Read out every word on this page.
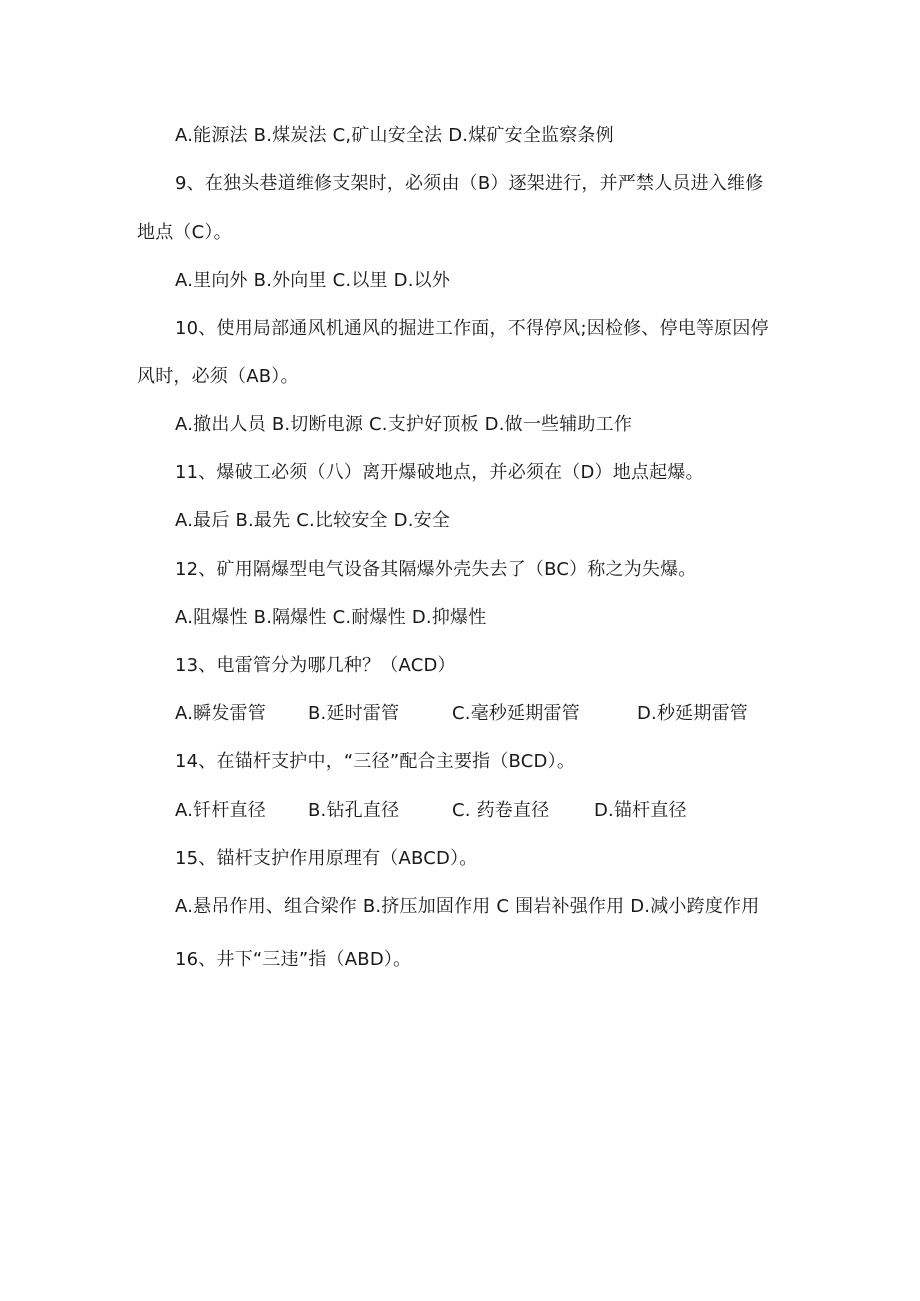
A.能源法 B.煤炭法 C,矿山安全法 D.煤矿安全监察条例
9、在独头巷道维修支架时，必须由（B）逐架进行，并严禁人员进入维修
地点（C）。
A.里向外 B.外向里 C.以里 D.以外
10、使用局部通风机通风的掘进工作面，不得停风;因检修、停电等原因停
风时，必须（AB）。
A.撤出人员 B.切断电源 C.支护好顶板 D.做一些辅助工作
11、爆破工必须（八）离开爆破地点，并必须在（D）地点起爆。
A.最后 B.最先 C.比较安全 D.安全
12、矿用隔爆型电气设备其隔爆外壳失去了（BC）称之为失爆。
A.阻爆性 B.隔爆性 C.耐爆性 D.抑爆性
13、电雷管分为哪几种？（ACD）
A.瞬发雷管 B.延时雷管	C.毫秒延期雷管	D.秒延期雷管
14、在锚杆支护中，“三径”配合主要指（BCD）。
A.钎杆直径 B.钻孔直径	C. 药卷直径 D.锚杆直径
15、锚杆支护作用原理有（ABCD）。
A.悬吊作用、组合梁作 B.挤压加固作用 C 围岩补强作用 D.减小跨度作用
16、井下“三违”指（ABD）。
